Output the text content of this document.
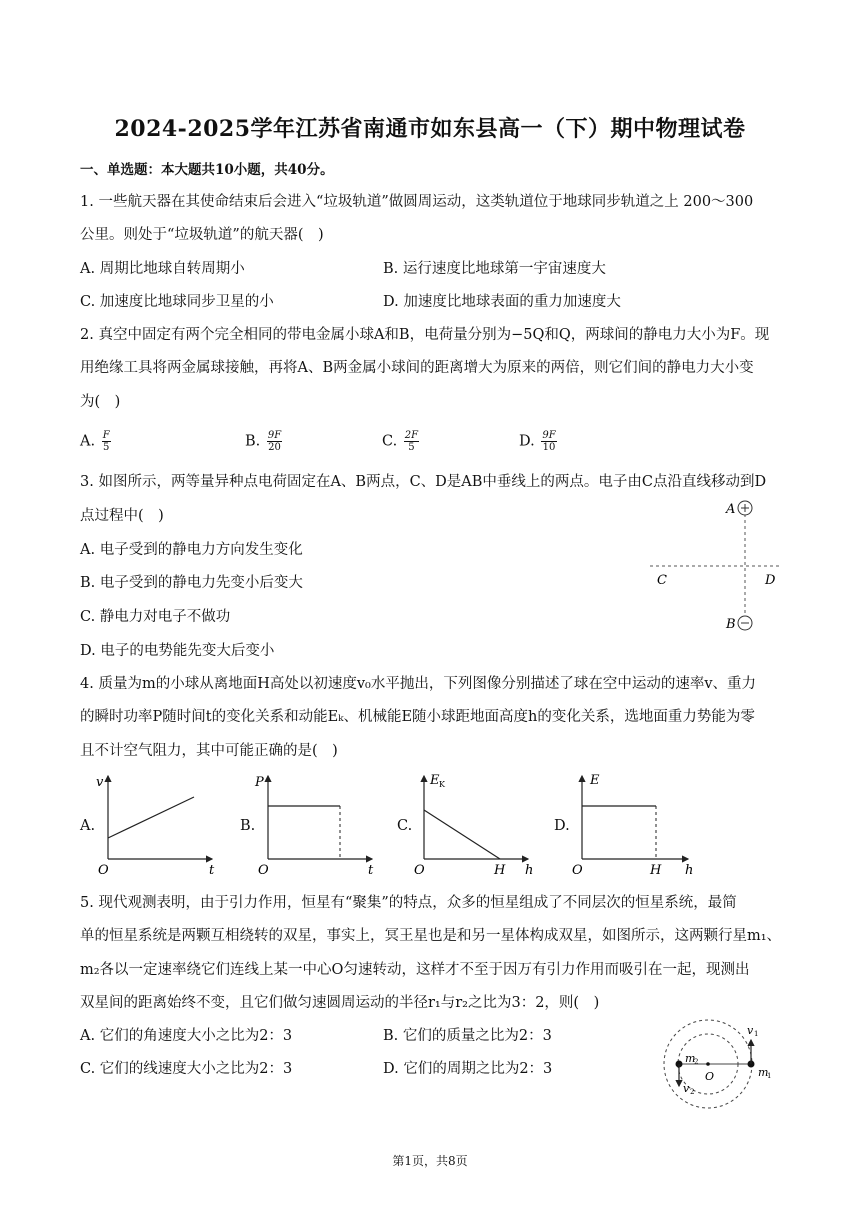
2024-2025学年江苏省南通市如东县高一（下）期中物理试卷
一、单选题：本大题共10小题，共40分。
1. 一些航天器在其使命结束后会进入“垃圾轨道”做圆周运动，这类轨道位于地球同步轨道之上 200～300
公里。则处于“垃圾轨道”的航天器(　)
A. 周期比地球自转周期小	B. 运行速度比地球第一宇宙速度大
C. 加速度比地球同步卫星的小	D. 加速度比地球表面的重力加速度大
2. 真空中固定有两个完全相同的带电金属小球A和B，电荷量分别为−5Q和Q，两球间的静电力大小为F。现
用绝缘工具将两金属球接触，再将A、B两金属小球间的距离增大为原来的两倍，则它们间的静电力大小变
为(　)
A. $\frac{F}{5}$	B. $\frac{9F}{20}$	C. $\frac{2F}{5}$	D. $\frac{9F}{10}$
3. 如图所示，两等量异种点电荷固定在A、B两点，C、D是AB中垂线上的两点。电子由C点沿直线移动到D
点过程中(　)
A. 电子受到的静电力方向发生变化
B. 电子受到的静电力先变小后变大
C. 静电力对电子不做功
D. 电子的电势能先变大后变小
A
B
C	D
4. 质量为m的小球从离地面H高处以初速度v₀水平抛出，下列图像分别描述了球在空中运动的速率v、重力
的瞬时功率P随时间t的变化关系和动能Eₖ、机械能E随小球距地面高度h的变化关系，选地面重力势能为零
且不计空气阻力，其中可能正确的是(　)
A.	B.	C.	D.
v
t
O
P
t
O
E K
h
O	H
E
h
O	H
5. 现代观测表明，由于引力作用，恒星有“聚集”的特点，众多的恒星组成了不同层次的恒星系统，最简
单的恒星系统是两颗互相绕转的双星，事实上，冥王星也是和另一星体构成双星，如图所示，这两颗行星m₁、
m₂各以一定速率绕它们连线上某一中心O匀速转动，这样才不至于因万有引力作用而吸引在一起，现测出
双星间的距离始终不变，且它们做匀速圆周运动的半径r₁与r₂之比为3：2，则(　)
A. 它们的角速度大小之比为2：3	B. 它们的质量之比为2：3
C. 它们的线速度大小之比为2：3	D. 它们的周期之比为2：3
v 1
v 2
m
1
m
2
O
第1页，共8页
